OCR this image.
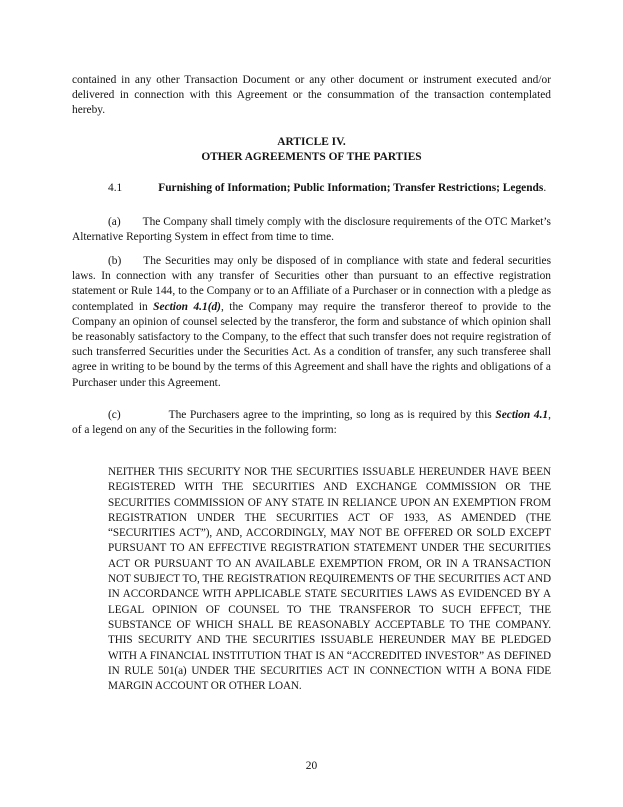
contained in any other Transaction Document or any other document or instrument executed and/or delivered in connection with this Agreement or the consummation of the transaction contemplated hereby.

ARTICLE IV.

OTHER AGREEMENTS OF THE PARTIES

4.1	Furnishing of Information; Public Information; Transfer Restrictions; Legends.

(a) The Company shall timely comply with the disclosure requirements of the OTC Market’s Alternative Reporting System in effect from time to time.

(b) The Securities may only be disposed of in compliance with state and federal securities laws. In connection with any transfer of Securities other than pursuant to an effective registration statement or Rule 144, to the Company or to an Affiliate of a Purchaser or in connection with a pledge as contemplated in Section 4.1(d), the Company may require the transferor thereof to provide to the Company an opinion of counsel selected by the transferor, the form and substance of which opinion shall be reasonably satisfactory to the Company, to the effect that such transfer does not require registration of such transferred Securities under the Securities Act. As a condition of transfer, any such transferee shall agree in writing to be bound by the terms of this Agreement and shall have the rights and obligations of a Purchaser under this Agreement.

(c)	The Purchasers agree to the imprinting, so long as is required by this Section 4.1, of a legend on any of the Securities in the following form:

NEITHER THIS SECURITY NOR THE SECURITIES ISSUABLE HEREUNDER HAVE BEEN REGISTERED WITH THE SECURITIES AND EXCHANGE COMMISSION OR THE SECURITIES COMMISSION OF ANY STATE IN RELIANCE UPON AN EXEMPTION FROM REGISTRATION UNDER THE SECURITIES ACT OF 1933, AS AMENDED (THE “SECURITIES ACT”), AND, ACCORDINGLY, MAY NOT BE OFFERED OR SOLD EXCEPT PURSUANT TO AN EFFECTIVE REGISTRATION STATEMENT UNDER THE SECURITIES ACT OR PURSUANT TO AN AVAILABLE EXEMPTION FROM, OR IN A TRANSACTION NOT SUBJECT TO, THE REGISTRATION REQUIREMENTS OF THE SECURITIES ACT AND IN ACCORDANCE WITH APPLICABLE STATE SECURITIES LAWS AS EVIDENCED BY A LEGAL OPINION OF COUNSEL TO THE TRANSFEROR TO SUCH EFFECT, THE SUBSTANCE OF WHICH SHALL BE REASONABLY ACCEPTABLE TO THE COMPANY. THIS SECURITY AND THE SECURITIES ISSUABLE HEREUNDER MAY BE PLEDGED WITH A FINANCIAL INSTITUTION THAT IS AN “ACCREDITED INVESTOR” AS DEFINED IN RULE 501(a) UNDER THE SECURITIES ACT IN CONNECTION WITH A BONA FIDE MARGIN ACCOUNT OR OTHER LOAN.

20
